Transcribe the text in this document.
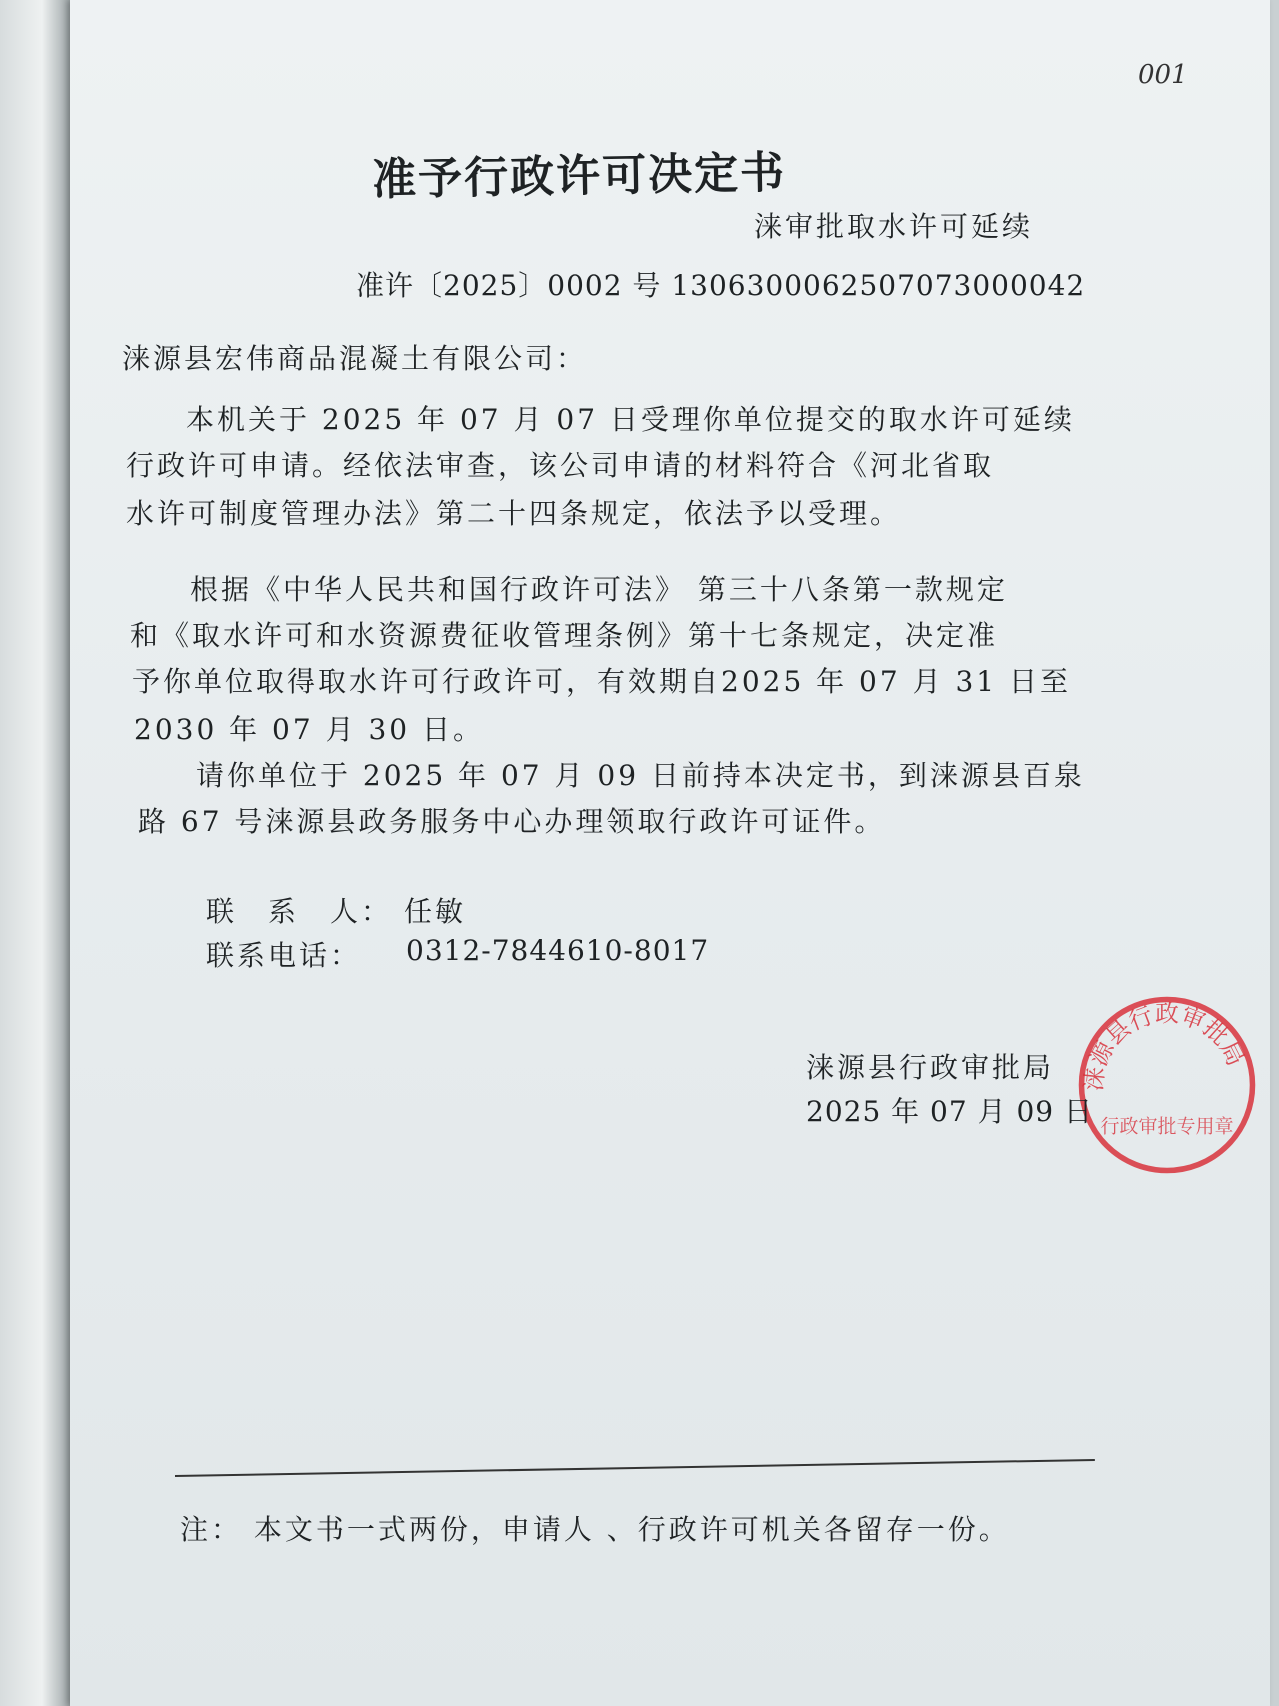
001
准予行政许可决定书
涞审批取水许可延续
准许〔2025〕0002 号 1306300062507073000042
涞源县宏伟商品混凝土有限公司：
本机关于 2025 年 07 月 07 日受理你单位提交的取水许可延续
行政许可申请。经依法审查，该公司申请的材料符合《河北省取
水许可制度管理办法》第二十四条规定，依法予以受理。
根据《中华人民共和国行政许可法》 第三十八条第一款规定
和《取水许可和水资源费征收管理条例》第十七条规定，决定准
予你单位取得取水许可行政许可，有效期自2025 年 07 月 31 日至
2030 年 07 月 30 日。
请你单位于 2025 年 07 月 09 日前持本决定书，到涞源县百泉
路 67 号涞源县政务服务中心办理领取行政许可证件。
联　系　人： 任敏
联系电话： 0312-7844610-8017
涞源县行政审批局
行政审批专用章
涞源县行政审批局
2025 年 07 月 09 日
注： 本文书一式两份，申请人 、行政许可机关各留存一份。
